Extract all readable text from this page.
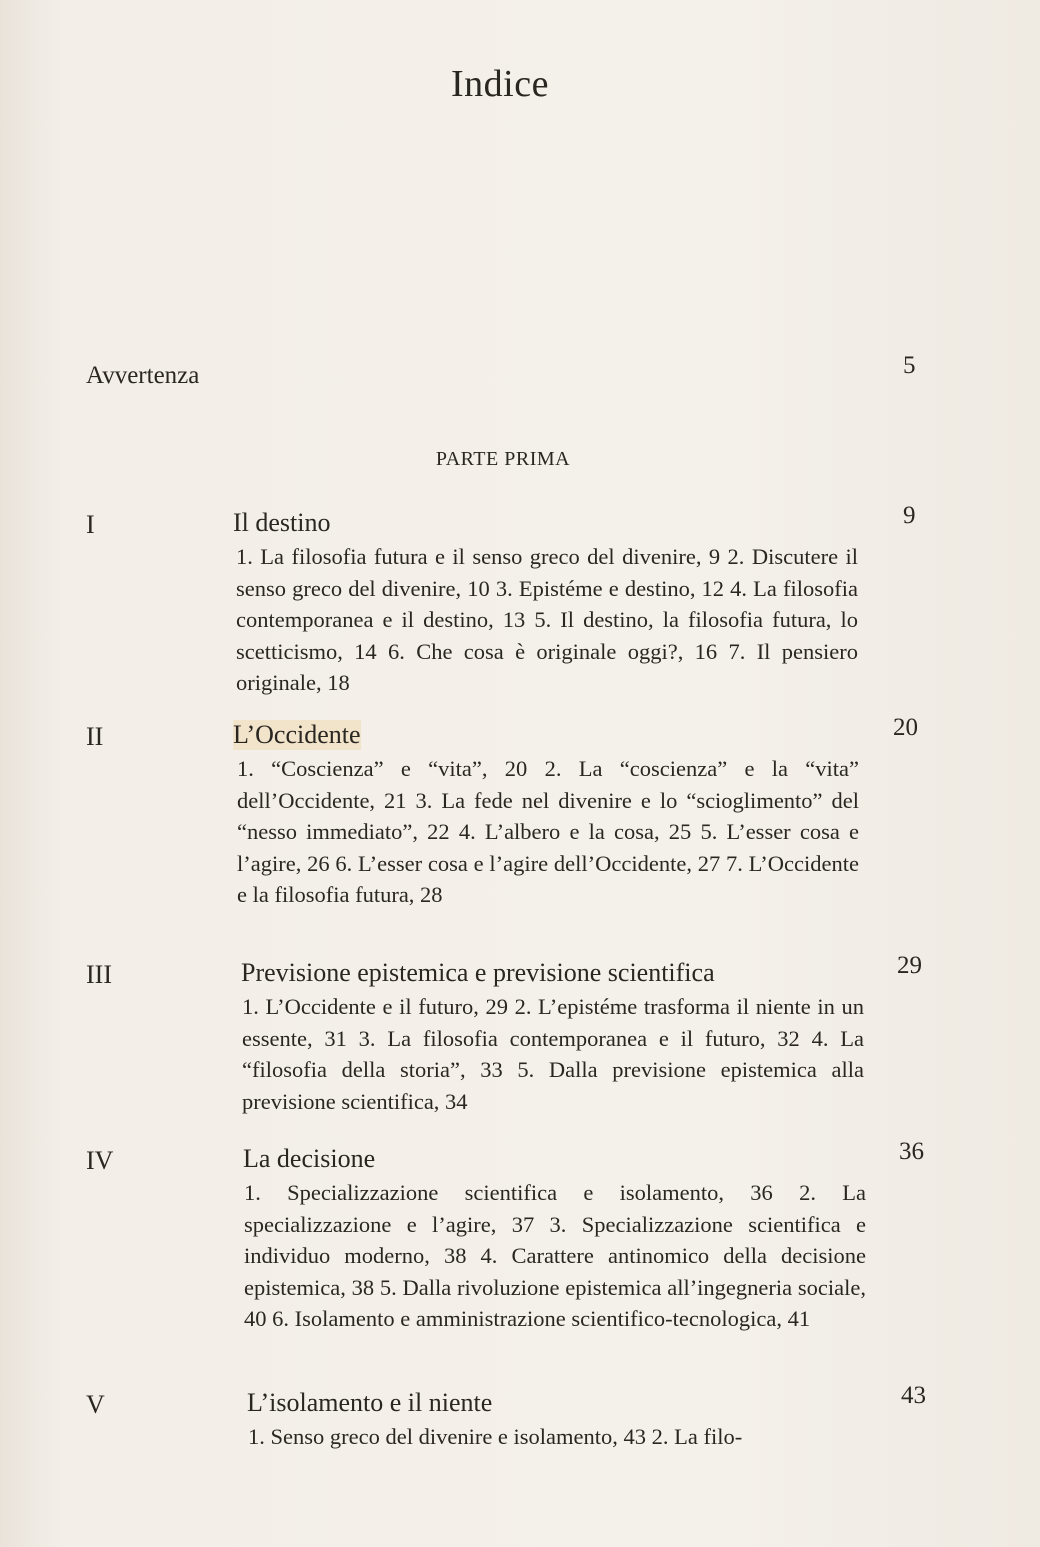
Indice
Avvertenza	5
PARTE PRIMA
I	Il destino	9
1. La filosofia futura e il senso greco del divenire, 9 2. Discutere il senso greco del divenire, 10 3. Epistéme e destino, 12 4. La filosofia contemporanea e il destino, 13 5. Il destino, la filosofia futura, lo scetticismo, 14 6. Che cosa è originale oggi?, 16 7. Il pensiero originale, 18
II	L’Occidente	20
1. “Coscienza” e “vita”, 20 2. La “coscienza” e la “vita” dell’Occidente, 21 3. La fede nel divenire e lo “scioglimento” del “nesso immediato”, 22 4. L’albero e la cosa, 25 5. L’esser cosa e l’agire, 26 6. L’esser cosa e l’agire dell’Occidente, 27 7. L’Occidente e la filosofia futura, 28
III	Previsione epistemica e previsione scientifica	29
1. L’Occidente e il futuro, 29 2. L’epistéme trasforma il niente in un essente, 31 3. La filosofia contemporanea e il futuro, 32 4. La “filosofia della storia”, 33 5. Dalla previsione epistemica alla previsione scientifica, 34
IV	La decisione	36
1. Specializzazione scientifica e isolamento, 36 2. La specializzazione e l’agire, 37 3. Specializzazione scientifica e individuo moderno, 38 4. Carattere antinomico della decisione epistemica, 38 5. Dalla rivoluzione epistemica all’ingegneria sociale, 40 6. Isolamento e amministrazione scientifico-tecnologica, 41
V	L’isolamento e il niente	43
1. Senso greco del divenire e isolamento, 43 2. La filo-
